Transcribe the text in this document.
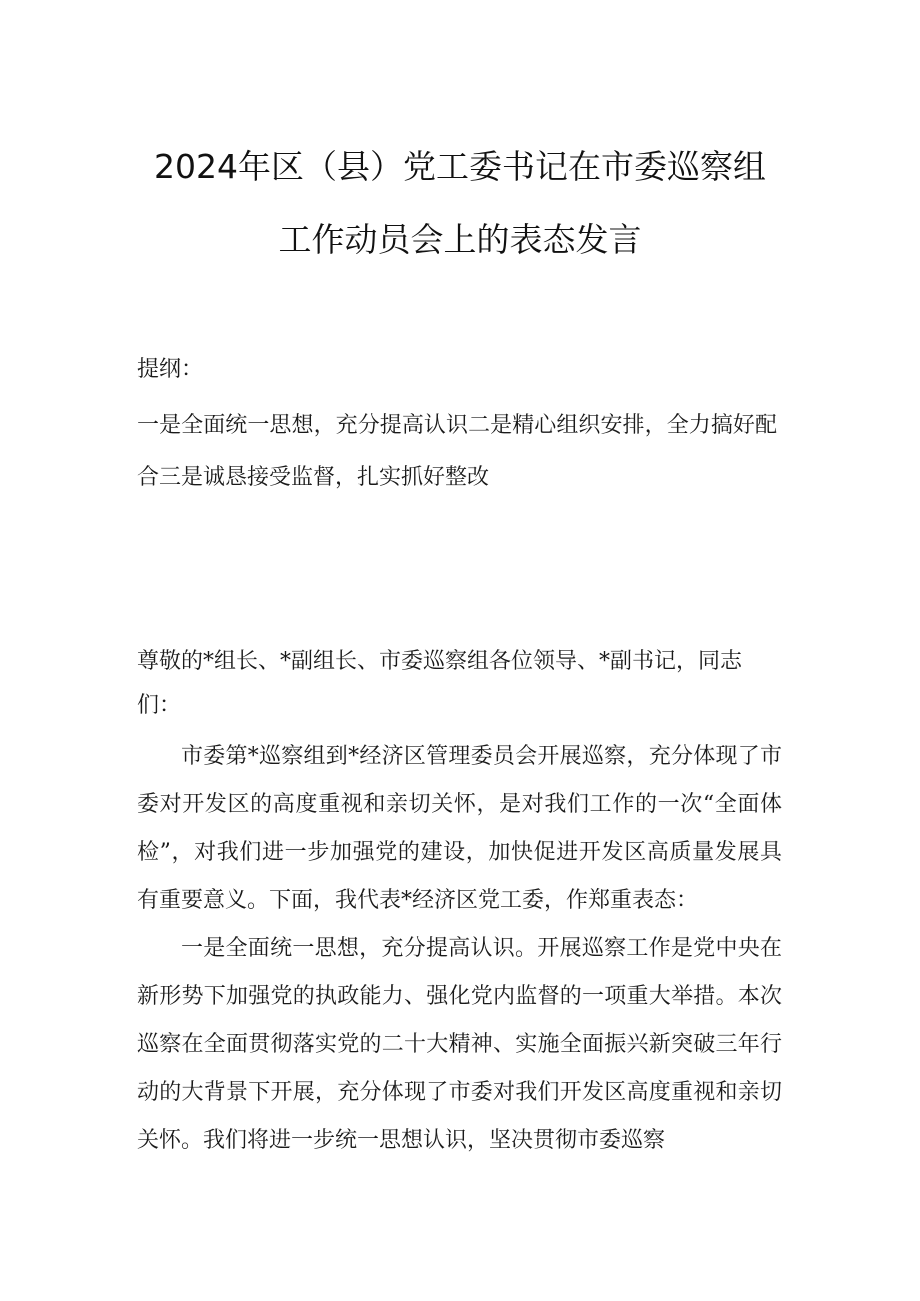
2024年区（县）党工委书记在市委巡察组
工作动员会上的表态发言
提纲：
一是全面统一思想，充分提高认识二是精心组织安排，全力搞好配合三是诚恳接受监督，扎实抓好整改
尊敬的*组长、*副组长、市委巡察组各位领导、*副书记，同志们：
市委第*巡察组到*经济区管理委员会开展巡察，充分体现了市委对开发区的高度重视和亲切关怀，是对我们工作的一次“全面体检”，对我们进一步加强党的建设，加快促进开发区高质量发展具有重要意义。下面，我代表*经济区党工委，作郑重表态：
一是全面统一思想，充分提高认识。开展巡察工作是党中央在新形势下加强党的执政能力、强化党内监督的一项重大举措。本次巡察在全面贯彻落实党的二十大精神、实施全面振兴新突破三年行动的大背景下开展，充分体现了市委对我们开发区高度重视和亲切关怀。我们将进一步统一思想认识，坚决贯彻市委巡察
